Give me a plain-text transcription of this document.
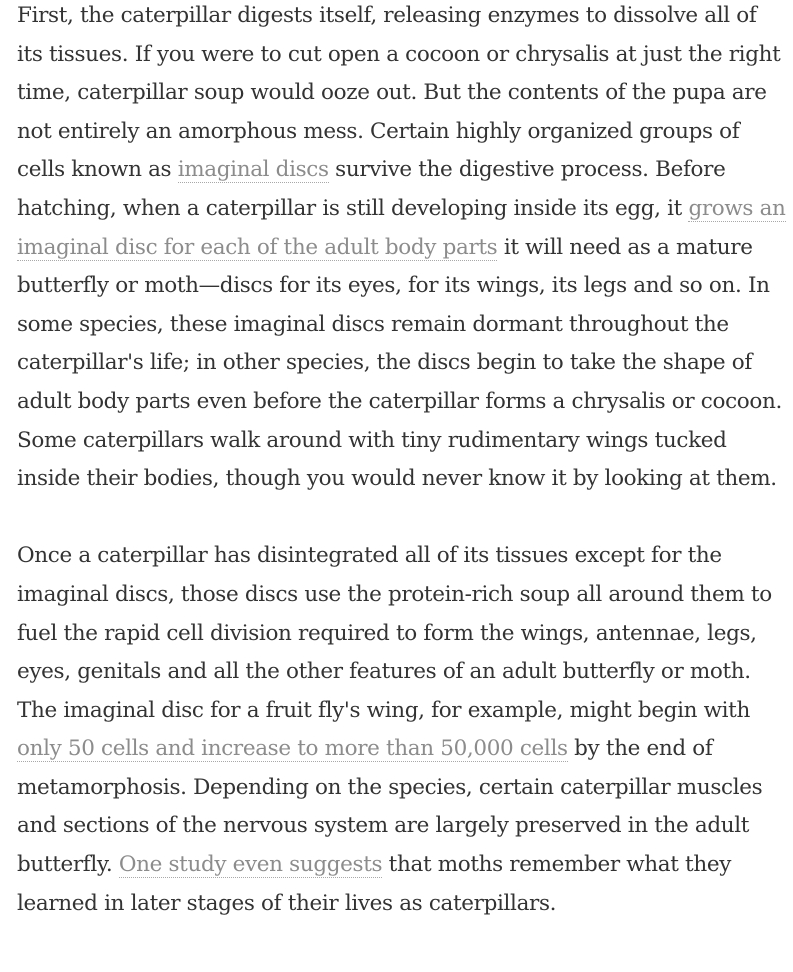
First, the caterpillar digests itself, releasing enzymes to dissolve all of its tissues. If you were to cut open a cocoon or chrysalis at just the right time, caterpillar soup would ooze out. But the contents of the pupa are not entirely an amorphous mess. Certain highly organized groups of cells known as imaginal discs survive the digestive process. Before hatching, when a caterpillar is still developing inside its egg, it grows an imaginal disc for each of the adult body parts it will need as a mature butterfly or moth—discs for its eyes, for its wings, its legs and so on. In some species, these imaginal discs remain dormant throughout the caterpillar's life; in other species, the discs begin to take the shape of adult body parts even before the caterpillar forms a chrysalis or cocoon. Some caterpillars walk around with tiny rudimentary wings tucked inside their bodies, though you would never know it by looking at them.

Once a caterpillar has disintegrated all of its tissues except for the imaginal discs, those discs use the protein-rich soup all around them to fuel the rapid cell division required to form the wings, antennae, legs, eyes, genitals and all the other features of an adult butterfly or moth. The imaginal disc for a fruit fly's wing, for example, might begin with only 50 cells and increase to more than 50,000 cells by the end of metamorphosis. Depending on the species, certain caterpillar muscles and sections of the nervous system are largely preserved in the adult butterfly. One study even suggests that moths remember what they learned in later stages of their lives as caterpillars.
